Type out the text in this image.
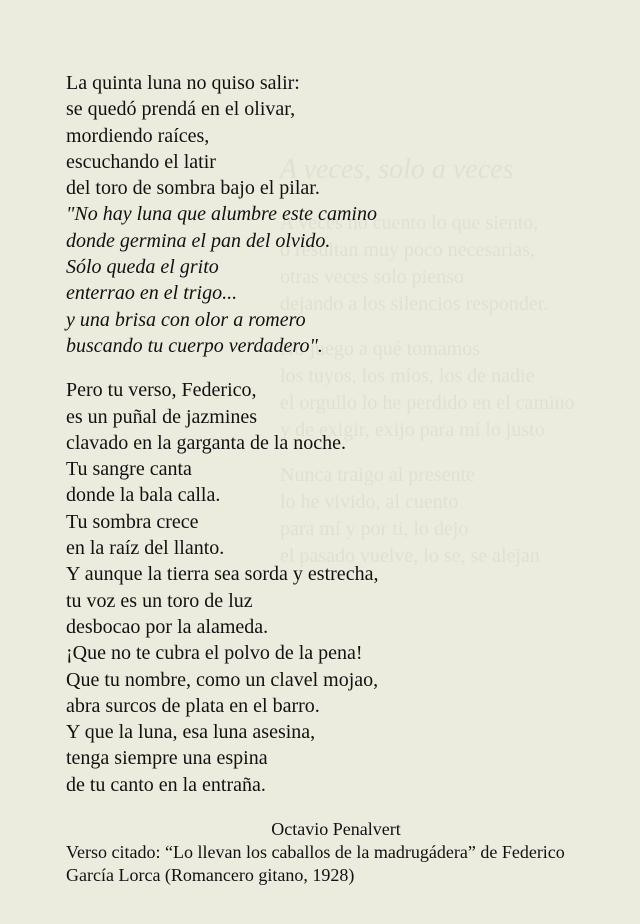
A veces, solo a veces
A veces no cuento lo que siento,
o resultan muy poco necesarias,
otras veces solo pienso
dejando a los silencios responder.
No juego a qué tomamos
los tuyos, los míos, los de nadie
el orgullo lo he perdido en el camino
y de exigir, exijo para mí lo justo
Nunca traigo al presente
lo he vivido, al cuento
para mí y por ti, lo dejo
el pasado vuelve, lo se, se alejan
La quinta luna no quiso salir:
se quedó prendá en el olivar,
mordiendo raíces,
escuchando el latir
del toro de sombra bajo el pilar.
"No hay luna que alumbre este camino
donde germina el pan del olvido.
Sólo queda el grito
enterrao en el trigo...
y una brisa con olor a romero
buscando tu cuerpo verdadero".
Pero tu verso, Federico,
es un puñal de jazmines
clavado en la garganta de la noche.
Tu sangre canta
donde la bala calla.
Tu sombra crece
en la raíz del llanto.
Y aunque la tierra sea sorda y estrecha,
tu voz es un toro de luz
desbocao por la alameda.
¡Que no te cubra el polvo de la pena!
Que tu nombre, como un clavel mojao,
abra surcos de plata en el barro.
Y que la luna, esa luna asesina,
tenga siempre una espina
de tu canto en la entraña.
Octavio Penalvert
Verso citado: “Lo llevan los caballos de la madrugádera” de Federico
García Lorca (Romancero gitano, 1928)
